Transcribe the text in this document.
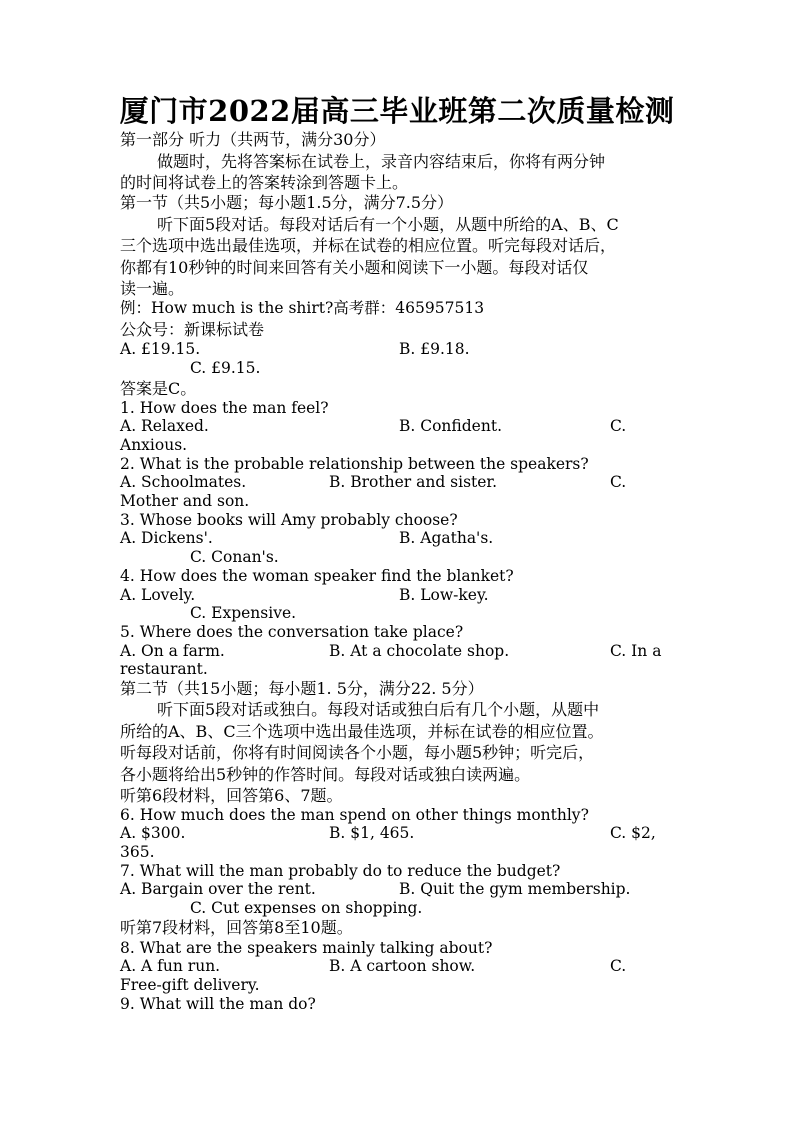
厦门市2022届高三毕业班第二次质量检测
第一部分 听力（共两节，满分30分）
做题时，先将答案标在试卷上，录音内容结束后，你将有两分钟
的时间将试卷上的答案转涂到答题卡上。
第一节（共5小题；每小题1.5分，满分7.5分）
听下面5段对话。每段对话后有一个小题，从题中所给的A、B、C
三个选项中选出最佳选项，并标在试卷的相应位置。听完每段对话后，
你都有10秒钟的时间来回答有关小题和阅读下一小题。每段对话仅
读一遍。
例：How much is the shirt?高考群：465957513
公众号：新课标试卷
A. £19.15.	B. £9.18.
C. £9.15.
答案是C。
1. How does the man feel?
A. Relaxed.	B. Confident.	C.
Anxious.
2. What is the probable relationship between the speakers?
A. Schoolmates.	B. Brother and sister.	C.
Mother and son.
3. Whose books will Amy probably choose?
A. Dickens'.	B. Agatha's.
C. Conan's.
4. How does the woman speaker find the blanket?
A. Lovely.	B. Low-key.
C. Expensive.
5. Where does the conversation take place?
A. On a farm.	B. At a chocolate shop.	C. In a
restaurant.
第二节（共15小题；每小题1. 5分，满分22. 5分）
听下面5段对话或独白。每段对话或独白后有几个小题，从题中
所给的A、B、C三个选项中选出最佳选项，并标在试卷的相应位置。
听每段对话前，你将有时间阅读各个小题，每小题5秒钟；听完后，
各小题将给出5秒钟的作答时间。每段对话或独白读两遍。
听第6段材料，回答第6、7题。
6. How much does the man spend on other things monthly?
A. $300.	B. $1, 465.	C. $2,
365.
7. What will the man probably do to reduce the budget?
A. Bargain over the rent.	B. Quit the gym membership.
C. Cut expenses on shopping.
听第7段材料，回答第8至10题。
8. What are the speakers mainly talking about?
A. A fun run.	B. A cartoon show.	C.
Free-gift delivery.
9. What will the man do?
